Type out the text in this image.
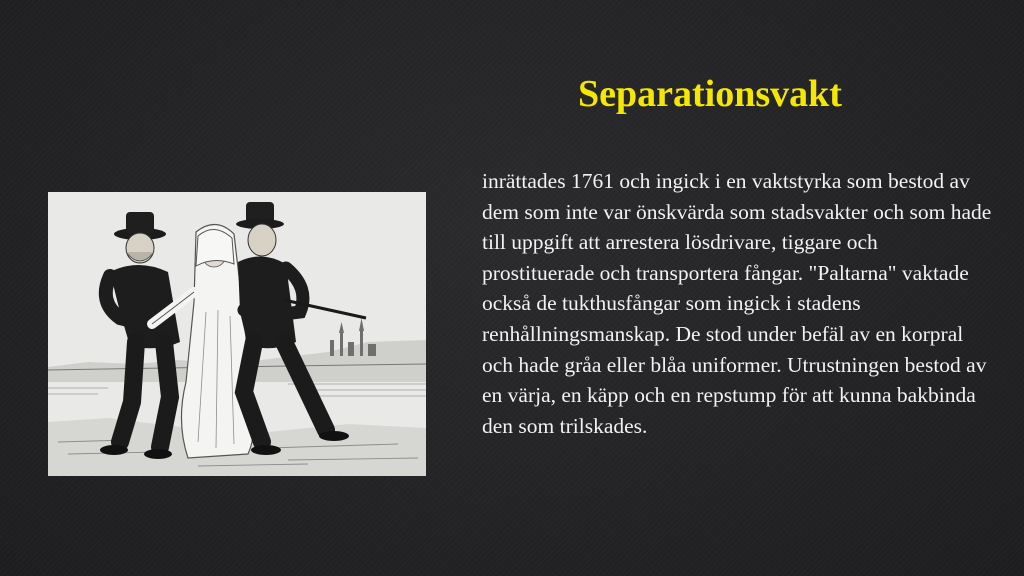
Separationsvakt

inrättades 1761 och ingick i en vaktstyrka som bestod av dem som inte var önskvärda som stadsvakter och som hade till uppgift att arrestera lösdrivare, tiggare och prostituerade och transportera fångar. "Paltarna" vaktade också de tukthusfångar som ingick i stadens renhållningsmanskap. De stod under befäl av en korpral och hade gråa eller blåa uniformer. Utrustningen bestod av en värja, en käpp och en repstump för att kunna bakbinda den som trilskades.
